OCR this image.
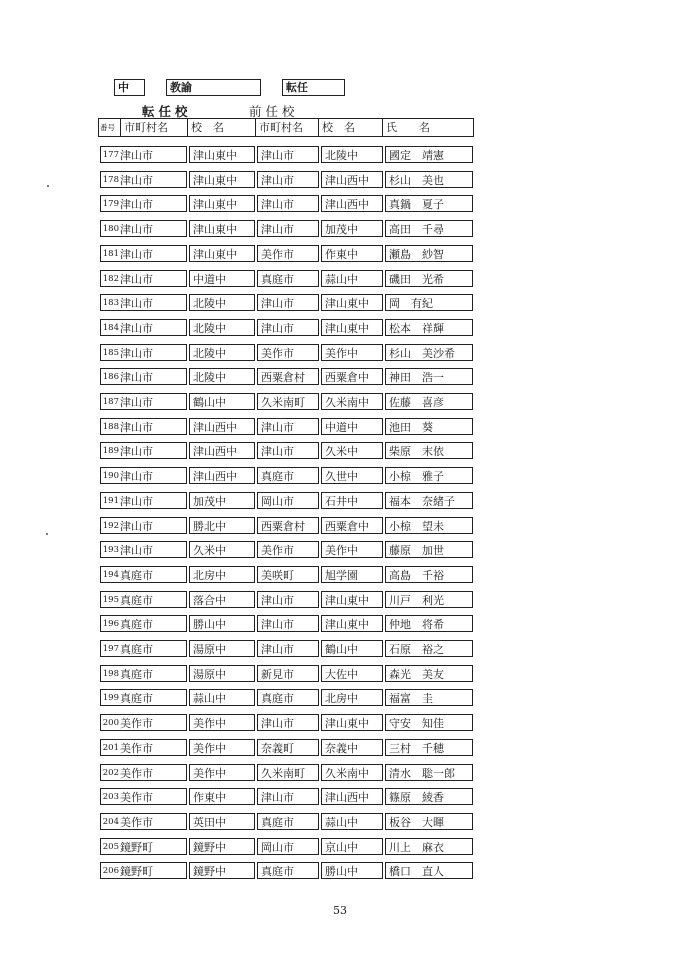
中	教諭	転任
転任校	前任校
番号 市町村名	校　名	市町村名	校　名	氏　　名
177 津山市	津山東中	津山市	北陵中	國定　靖憲
178 津山市	津山東中	津山市	津山西中	杉山　美也
179 津山市	津山東中	津山市	津山西中	真鍋　夏子
180 津山市	津山東中	津山市	加茂中	高田　千尋
181 津山市	津山東中	美作市	作東中	瀬島　紗智
182 津山市	中道中	真庭市	蒜山中	磯田　光希
183 津山市	北陵中	津山市	津山東中	岡　有紀
184 津山市	北陵中	津山市	津山東中	松本　祥輝
185 津山市	北陵中	美作市	美作中	杉山　美沙希
186 津山市	北陵中	西粟倉村	西粟倉中	神田　浩一
187 津山市	鶴山中	久米南町	久米南中	佐藤　喜彦
188 津山市	津山西中	津山市	中道中	池田　葵
189 津山市	津山西中	津山市	久米中	柴原　末依
190 津山市	津山西中	真庭市	久世中	小椋　雅子
191 津山市	加茂中	岡山市	石井中	福本　奈緒子
192 津山市	勝北中	西粟倉村	西粟倉中	小椋　望未
193 津山市	久米中	美作市	美作中	藤原　加世
194 真庭市	北房中	美咲町	旭学園	高島　千裕
195 真庭市	落合中	津山市	津山東中	川戸　利光
196 真庭市	勝山中	津山市	津山東中	仲地　将希
197 真庭市	湯原中	津山市	鶴山中	石原　裕之
198 真庭市	湯原中	新見市	大佐中	森光　美友
199 真庭市	蒜山中	真庭市	北房中	福富　圭
200 美作市	美作中	津山市	津山東中	守安　知佳
201 美作市	美作中	奈義町	奈義中	三村　千穂
202 美作市	美作中	久米南町	久米南中	清水　聡一郎
203 美作市	作東中	津山市	津山西中	篠原　綾香
204 美作市	英田中	真庭市	蒜山中	板谷　大暉
205 鏡野町	鏡野中	岡山市	京山中	川上　麻衣
206 鏡野町	鏡野中	真庭市	勝山中	橋口　直人
53
